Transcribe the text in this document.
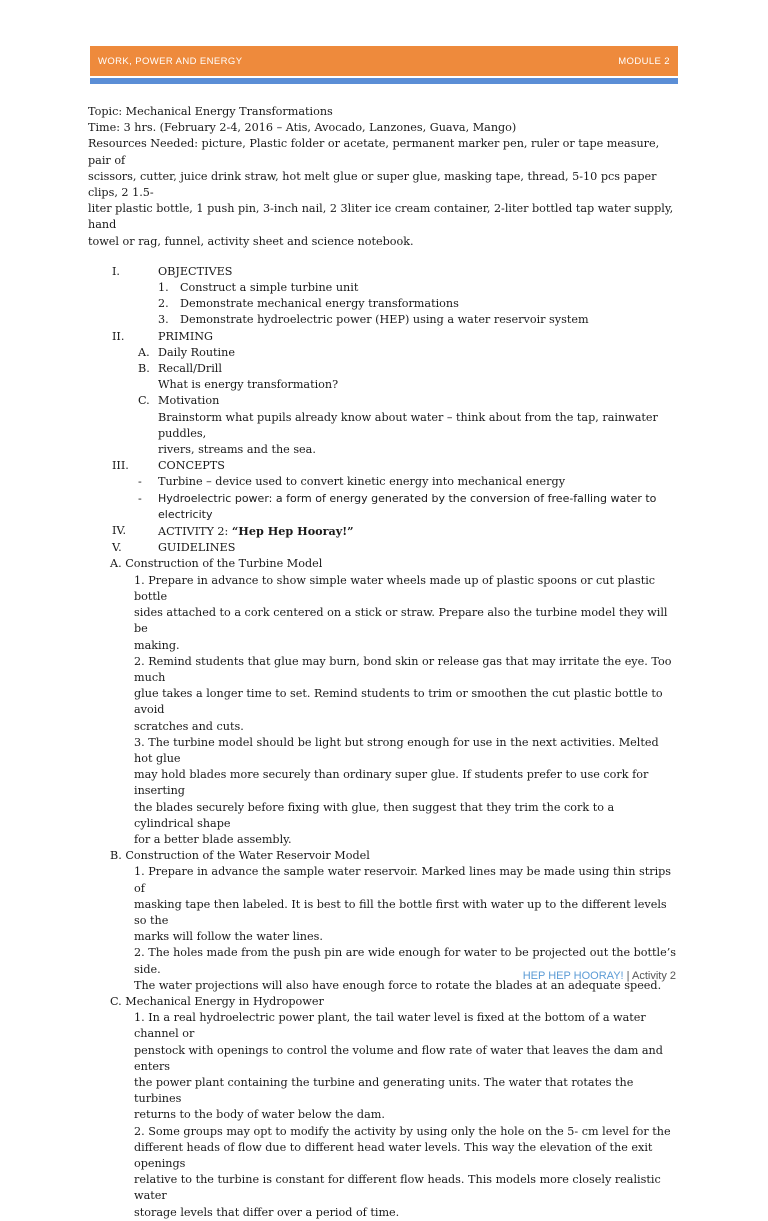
WORK, POWER AND ENERGY	MODULE 2

Topic: Mechanical Energy Transformations

Time: 3 hrs. (February 2-4, 2016 – Atis, Avocado, Lanzones, Guava, Mango)

Resources Needed: picture, Plastic folder or acetate, permanent marker pen, ruler or tape measure, pair of

scissors, cutter, juice drink straw, hot melt glue or super glue, masking tape, thread, 5-10 pcs paper clips, 2 1.5-

liter plastic bottle, 1 push pin, 3-inch nail, 2 3liter ice cream container, 2-liter bottled tap water supply, hand

towel or rag, funnel, activity sheet and science notebook.

I.	OBJECTIVES
1. Construct a simple turbine unit
2. Demonstrate mechanical energy transformations
3. Demonstrate hydroelectric power (HEP) using a water reservoir system
II.	PRIMING
A. Daily Routine
B. Recall/Drill
What is energy transformation?
C. Motivation
Brainstorm what pupils already know about water – think about from the tap, rainwater puddles,
rivers, streams and the sea.
III.	CONCEPTS
- Turbine – device used to convert kinetic energy into mechanical energy
- Hydroelectric power: a form of energy generated by the conversion of free-falling water to
electricity
IV.	ACTIVITY 2: “Hep Hep Hooray!”
V.	GUIDELINES
A. Construction of the Turbine Model
1. Prepare in advance to show simple water wheels made up of plastic spoons or cut plastic bottle
sides attached to a cork centered on a stick or straw. Prepare also the turbine model they will be
making.
2. Remind students that glue may burn, bond skin or release gas that may irritate the eye. Too much
glue takes a longer time to set. Remind students to trim or smoothen the cut plastic bottle to avoid
scratches and cuts.
3. The turbine model should be light but strong enough for use in the next activities. Melted hot glue
may hold blades more securely than ordinary super glue. If students prefer to use cork for inserting
the blades securely before fixing with glue, then suggest that they trim the cork to a cylindrical shape
for a better blade assembly.
B. Construction of the Water Reservoir Model
1. Prepare in advance the sample water reservoir. Marked lines may be made using thin strips of
masking tape then labeled. It is best to fill the bottle first with water up to the different levels so the
marks will follow the water lines.
2. The holes made from the push pin are wide enough for water to be projected out the bottle’s side.
The water projections will also have enough force to rotate the blades at an adequate speed.
C. Mechanical Energy in Hydropower
1. In a real hydroelectric power plant, the tail water level is fixed at the bottom of a water channel or
penstock with openings to control the volume and flow rate of water that leaves the dam and enters
the power plant containing the turbine and generating units. The water that rotates the turbines
returns to the body of water below the dam.
2. Some groups may opt to modify the activity by using only the hole on the 5- cm level for the
different heads of flow due to different head water levels. This way the elevation of the exit openings
relative to the turbine is constant for different flow heads. This models more closely realistic water
storage levels that differ over a period of time.
HEP HEP HOORAY! | Activity 2
